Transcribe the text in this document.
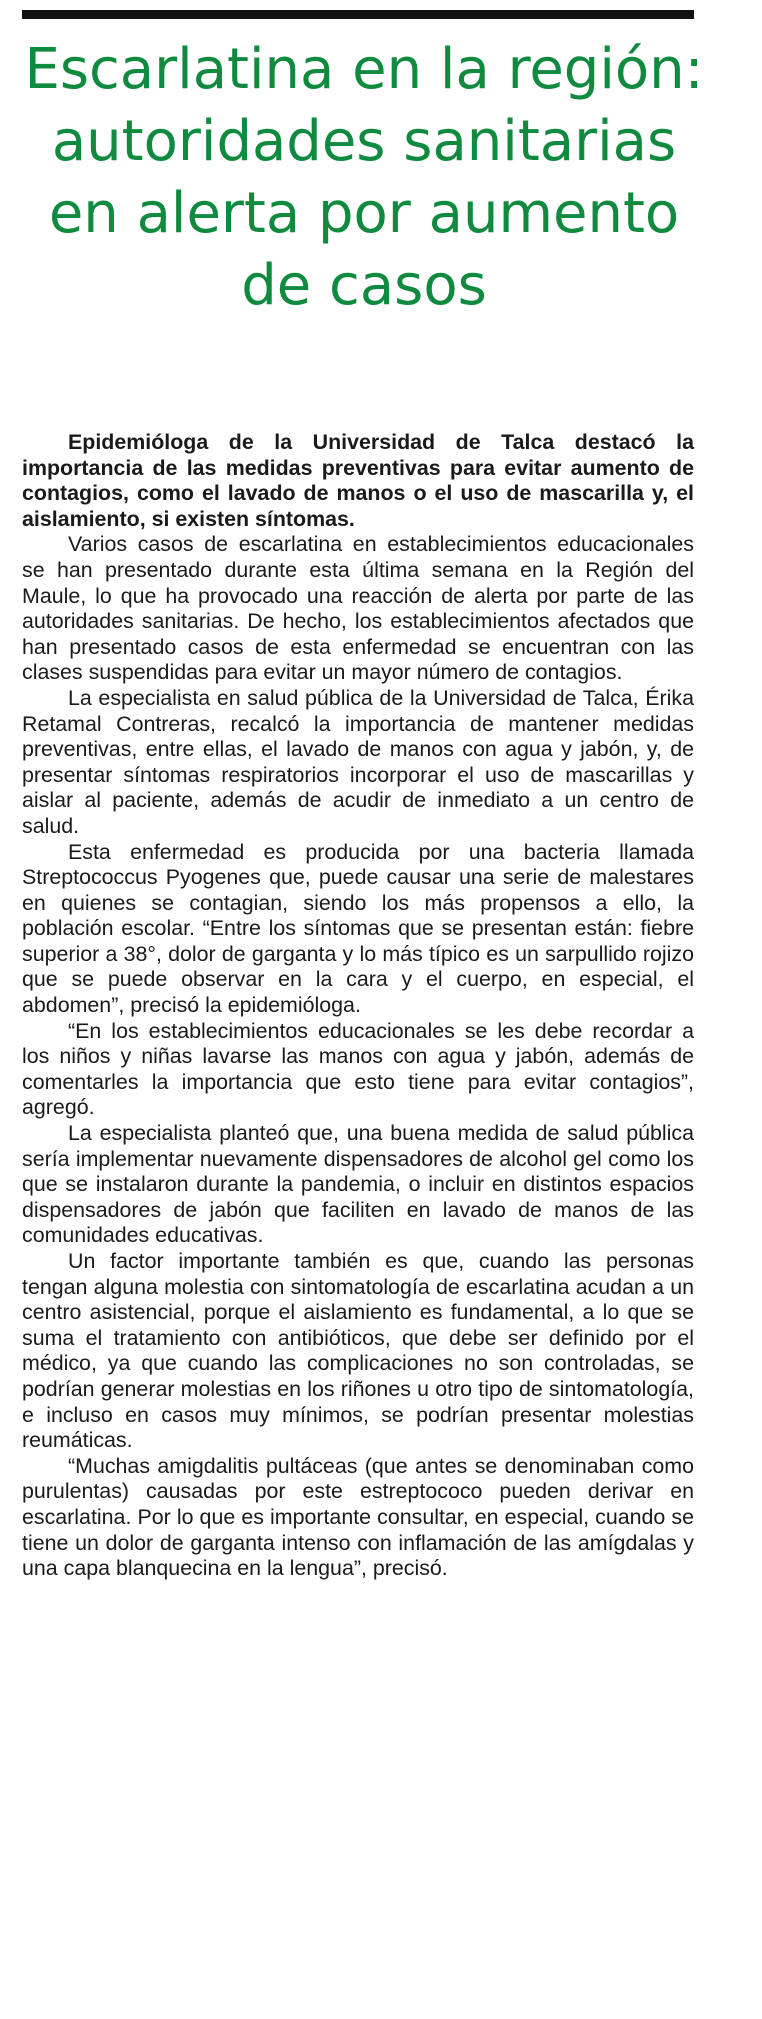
Escarlatina en la región: autoridades sanitarias en alerta por aumento de casos

Epidemióloga de la Universidad de Talca destacó la importancia de las medidas preventivas para evitar aumento de contagios, como el lavado de manos o el uso de mascarilla y, el aislamiento, si existen síntomas.

Varios casos de escarlatina en establecimientos educacionales se han presentado durante esta última semana en la Región del Maule, lo que ha provocado una reacción de alerta por parte de las autoridades sanitarias. De hecho, los establecimientos afectados que han presentado casos de esta enfermedad se encuentran con las clases suspendidas para evitar un mayor número de contagios.

La especialista en salud pública de la Universidad de Talca, Érika Retamal Contreras, recalcó la importancia de mantener medidas preventivas, entre ellas, el lavado de manos con agua y jabón, y, de presentar síntomas respiratorios incorporar el uso de mascarillas y aislar al paciente, además de acudir de inmediato a un centro de salud.

Esta enfermedad es producida por una bacteria llamada Streptococcus Pyogenes que, puede causar una serie de malestares en quienes se contagian, siendo los más propensos a ello, la población escolar. “Entre los síntomas que se presentan están: fiebre superior a 38°, dolor de garganta y lo más típico es un sarpullido rojizo que se puede observar en la cara y el cuerpo, en especial, el abdomen”, precisó la epidemióloga.

“En los establecimientos educacionales se les debe recordar a los niños y niñas lavarse las manos con agua y jabón, además de comentarles la importancia que esto tiene para evitar contagios”, agregó.

La especialista planteó que, una buena medida de salud pública sería implementar nuevamente dispensadores de alcohol gel como los que se instalaron durante la pandemia, o incluir en distintos espacios dispensadores de jabón que faciliten en lavado de manos de las comunidades educativas.

Un factor importante también es que, cuando las personas tengan alguna molestia con sintomatología de escarlatina acudan a un centro asistencial, porque el aislamiento es fundamental, a lo que se suma el tratamiento con antibióticos, que debe ser definido por el médico, ya que cuando las complicaciones no son controladas, se podrían generar molestias en los riñones u otro tipo de sintomatología, e incluso en casos muy mínimos, se podrían presentar molestias reumáticas.

“Muchas amigdalitis pultáceas (que antes se denominaban como purulentas) causadas por este estreptococo pueden derivar en escarlatina. Por lo que es importante consultar, en especial, cuando se tiene un dolor de garganta intenso con inflamación de las amígdalas y una capa blanquecina en la lengua”, precisó.
